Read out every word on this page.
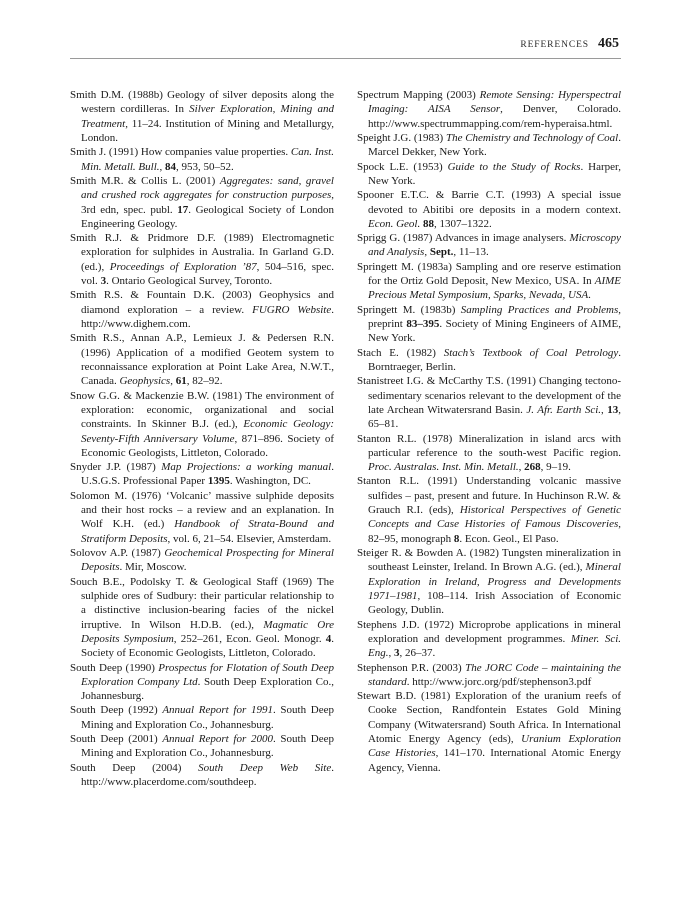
REFERENCES 465

Smith D.M. (1988b) Geology of silver deposits along the western cordilleras. In Silver Exploration, Mining and Treatment, 11–24. Institution of Mining and Metallurgy, London.

Smith J. (1991) How companies value properties. Can. Inst. Min. Metall. Bull., 84, 953, 50–52.

Smith M.R. & Collis L. (2001) Aggregates: sand, gravel and crushed rock aggregates for construction purposes, 3rd edn, spec. publ. 17. Geological Society of London Engineering Geology.

Smith R.J. & Pridmore D.F. (1989) Electromagnetic exploration for sulphides in Australia. In Garland G.D. (ed.), Proceedings of Exploration ’87, 504–516, spec. vol. 3. Ontario Geological Survey, Toronto.

Smith R.S. & Fountain D.K. (2003) Geophysics and diamond exploration – a review. FUGRO Website. http://www.dighem.com.

Smith R.S., Annan A.P., Lemieux J. & Pedersen R.N. (1996) Application of a modified Geotem system to reconnaissance exploration at Point Lake Area, N.W.T., Canada. Geophysics, 61, 82–92.

Snow G.G. & Mackenzie B.W. (1981) The environment of exploration: economic, organizational and social constraints. In Skinner B.J. (ed.), Economic Geology: Seventy-Fifth Anniversary Volume, 871–896. Society of Economic Geologists, Littleton, Colorado.

Snyder J.P. (1987) Map Projections: a working manual. U.S.G.S. Professional Paper 1395. Washington, DC.

Solomon M. (1976) ‘Volcanic’ massive sulphide deposits and their host rocks – a review and an explanation. In Wolf K.H. (ed.) Handbook of Strata-Bound and Stratiform Deposits, vol. 6, 21–54. Elsevier, Amsterdam.

Solovov A.P. (1987) Geochemical Prospecting for Mineral Deposits. Mir, Moscow.

Souch B.E., Podolsky T. & Geological Staff (1969) The sulphide ores of Sudbury: their particular relationship to a distinctive inclusion-bearing facies of the nickel irruptive. In Wilson H.D.B. (ed.), Magmatic Ore Deposits Symposium, 252–261, Econ. Geol. Monogr. 4. Society of Economic Geologists, Littleton, Colorado.

South Deep (1990) Prospectus for Flotation of South Deep Exploration Company Ltd. South Deep Exploration Co., Johannesburg.

South Deep (1992) Annual Report for 1991. South Deep Mining and Exploration Co., Johannesburg.

South Deep (2001) Annual Report for 2000. South Deep Mining and Exploration Co., Johannesburg.

South Deep (2004) South Deep Web Site. http://www.placerdome.com/southdeep.

Spectrum Mapping (2003) Remote Sensing: Hyperspectral Imaging: AISA Sensor, Denver, Colorado. http://www.spectrummapping.com/rem-hyperaisa.html.

Speight J.G. (1983) The Chemistry and Technology of Coal. Marcel Dekker, New York.

Spock L.E. (1953) Guide to the Study of Rocks. Harper, New York.

Spooner E.T.C. & Barrie C.T. (1993) A special issue devoted to Abitibi ore deposits in a modern context. Econ. Geol. 88, 1307–1322.

Sprigg G. (1987) Advances in image analysers. Microscopy and Analysis, Sept., 11–13.

Springett M. (1983a) Sampling and ore reserve estimation for the Ortiz Gold Deposit, New Mexico, USA. In AIME Precious Metal Symposium, Sparks, Nevada, USA.

Springett M. (1983b) Sampling Practices and Problems, preprint 83–395. Society of Mining Engineers of AIME, New York.

Stach E. (1982) Stach’s Textbook of Coal Petrology. Borntraeger, Berlin.

Stanistreet I.G. & McCarthy T.S. (1991) Changing tectono-sedimentary scenarios relevant to the development of the late Archean Witwatersrand Basin. J. Afr. Earth Sci., 13, 65–81.

Stanton R.L. (1978) Mineralization in island arcs with particular reference to the south-west Pacific region. Proc. Australas. Inst. Min. Metall., 268, 9–19.

Stanton R.L. (1991) Understanding volcanic massive sulfides – past, present and future. In Huchinson R.W. & Grauch R.I. (eds), Historical Perspectives of Genetic Concepts and Case Histories of Famous Discoveries, 82–95, monograph 8. Econ. Geol., El Paso.

Steiger R. & Bowden A. (1982) Tungsten mineralization in southeast Leinster, Ireland. In Brown A.G. (ed.), Mineral Exploration in Ireland, Progress and Developments 1971–1981, 108–114. Irish Association of Economic Geology, Dublin.

Stephens J.D. (1972) Microprobe applications in mineral exploration and development programmes. Miner. Sci. Eng., 3, 26–37.

Stephenson P.R. (2003) The JORC Code – maintaining the standard. http://www.jorc.org/pdf/stephenson3.pdf

Stewart B.D. (1981) Exploration of the uranium reefs of Cooke Section, Randfontein Estates Gold Mining Company (Witwatersrand) South Africa. In International Atomic Energy Agency (eds), Uranium Exploration Case Histories, 141–170. International Atomic Energy Agency, Vienna.
